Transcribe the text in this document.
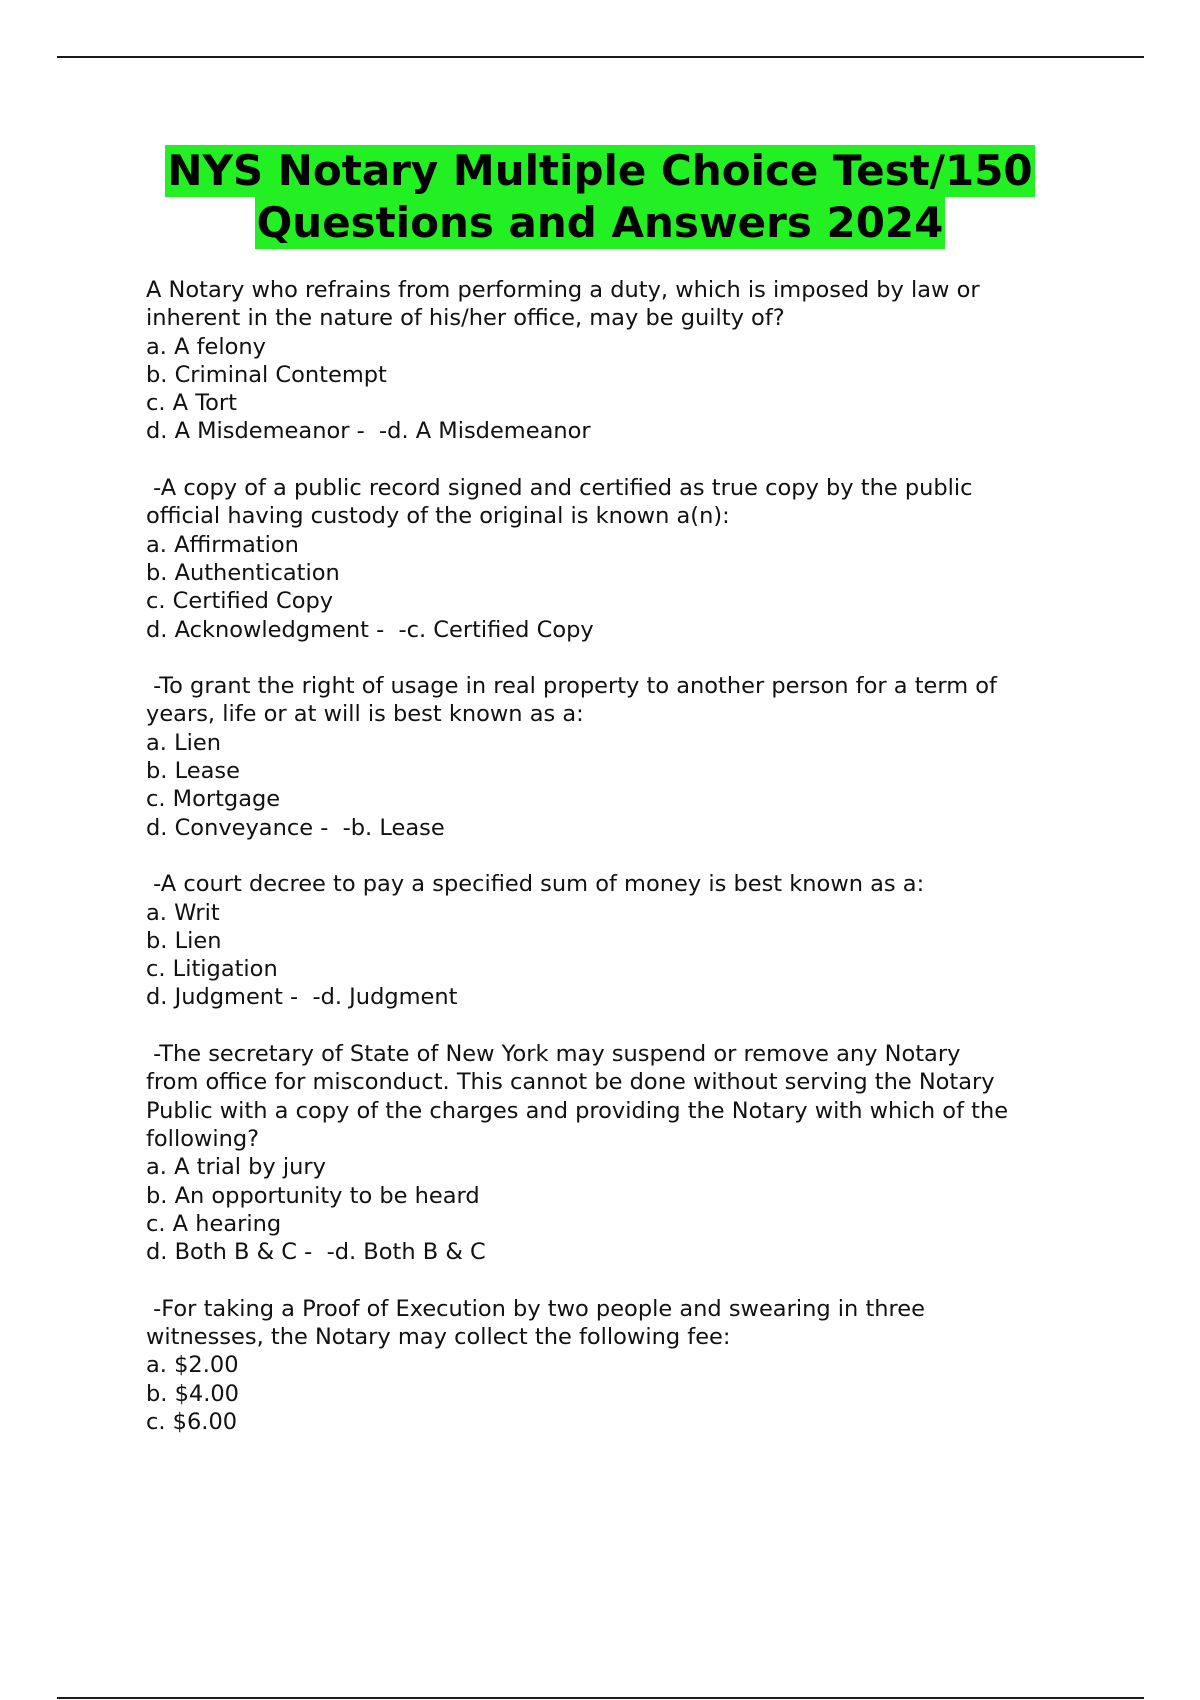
NYS Notary Multiple Choice Test/150
Questions and Answers 2024
A Notary who refrains from performing a duty, which is imposed by law or
inherent in the nature of his/her office, may be guilty of?
a. A felony
b. Criminal Contempt
c. A Tort
d. A Misdemeanor -  -d. A Misdemeanor
-A copy of a public record signed and certified as true copy by the public
official having custody of the original is known a(n):
a. Affirmation
b. Authentication
c. Certified Copy
d. Acknowledgment -  -c. Certified Copy
-To grant the right of usage in real property to another person for a term of
years, life or at will is best known as a:
a. Lien
b. Lease
c. Mortgage
d. Conveyance -  -b. Lease
-A court decree to pay a specified sum of money is best known as a:
a. Writ
b. Lien
c. Litigation
d. Judgment -  -d. Judgment
-The secretary of State of New York may suspend or remove any Notary
from office for misconduct. This cannot be done without serving the Notary
Public with a copy of the charges and providing the Notary with which of the
following?
a. A trial by jury
b. An opportunity to be heard
c. A hearing
d. Both B & C -  -d. Both B & C
-For taking a Proof of Execution by two people and swearing in three
witnesses, the Notary may collect the following fee:
a. $2.00
b. $4.00
c. $6.00
